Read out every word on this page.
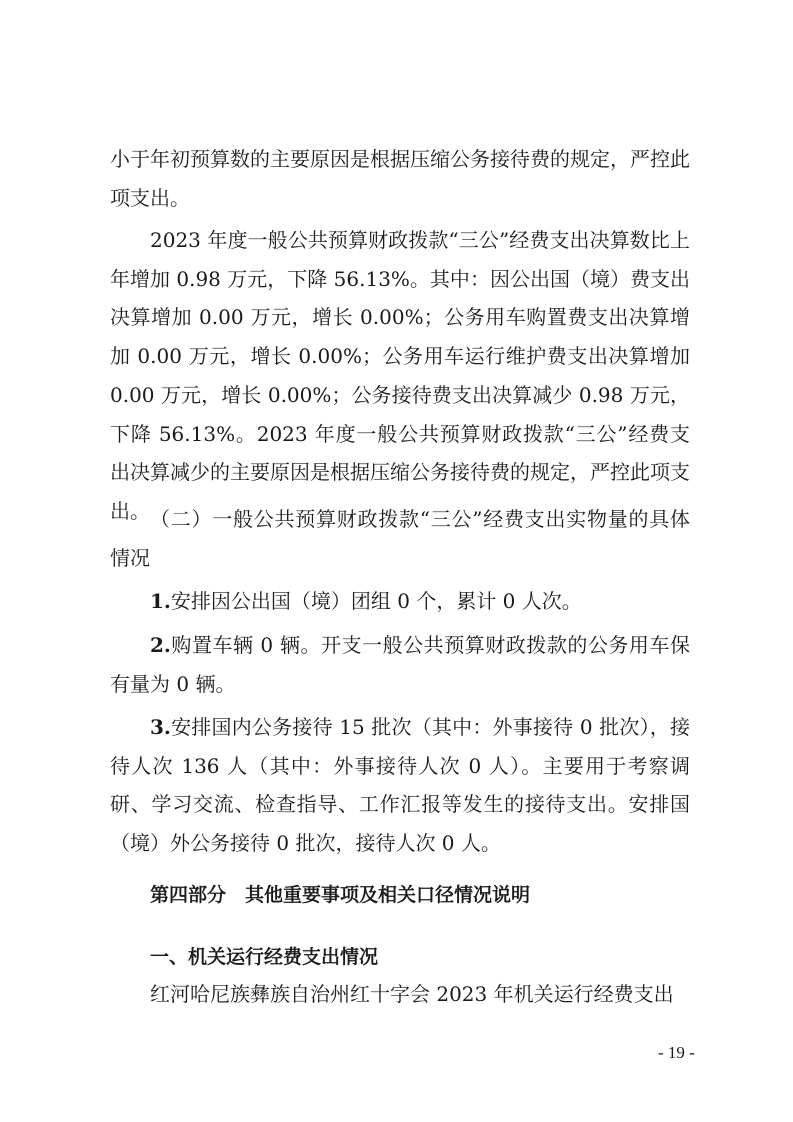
小于年初预算数的主要原因是根据压缩公务接待费的规定，严控此项支出。

2023 年度一般公共预算财政拨款“三公”经费支出决算数比上年增加 0.98 万元，下降 56.13%。其中：因公出国（境）费支出决算增加 0.00 万元，增长 0.00%；公务用车购置费支出决算增加 0.00 万元，增长 0.00%；公务用车运行维护费支出决算增加 0.00 万元，增长 0.00%；公务接待费支出决算减少 0.98 万元，下降 56.13%。2023 年度一般公共预算财政拨款“三公”经费支出决算减少的主要原因是根据压缩公务接待费的规定，严控此项支出。 （二）一般公共预算财政拨款“三公”经费支出实物量的具体情况

1.安排因公出国（境）团组 0 个，累计 0 人次。

2.购置车辆 0 辆。开支一般公共预算财政拨款的公务用车保有量为 0 辆。

3.安排国内公务接待 15 批次（其中：外事接待 0 批次），接待人次 136 人（其中：外事接待人次 0 人）。主要用于考察调研、学习交流、检查指导、工作汇报等发生的接待支出。安排国（境）外公务接待 0 批次，接待人次 0 人。

第四部分　其他重要事项及相关口径情况说明

一、机关运行经费支出情况

红河哈尼族彝族自治州红十字会 2023 年机关运行经费支出

- 19 -
